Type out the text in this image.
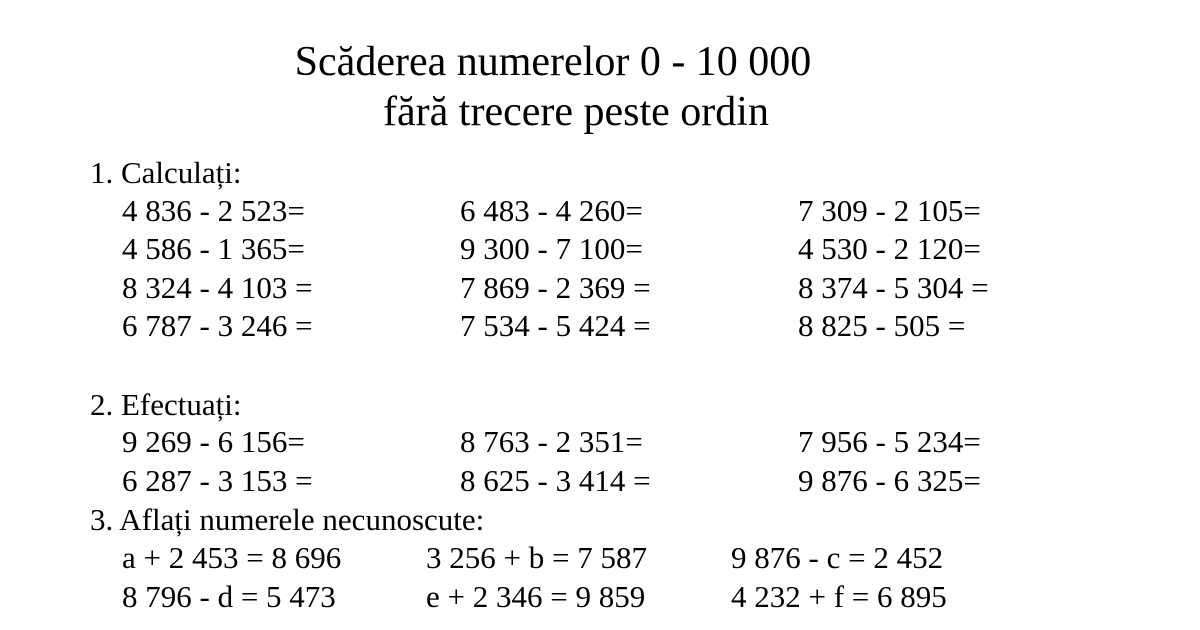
Scăderea numerelor 0 - 10 000
fără trecere peste ordin
1. Calculați:
4 836 - 2 523=	6 483 - 4 260=	7 309 - 2 105=
4 586 - 1 365=	9 300 - 7 100=	4 530 - 2 120=
8 324 - 4 103 =	7 869 - 2 369 =	8 374 - 5 304 =
6 787 - 3 246 =	7 534 - 5 424 =	8 825 - 505 =
2. Efectuați:
9 269 - 6 156=	8 763 - 2 351=	7 956 - 5 234=
6 287 - 3 153 =	8 625 - 3 414 =	9 876 - 6 325=
3. Aflați numerele necunoscute:
a + 2 453 = 8 696	3 256 + b = 7 587	9 876 - c = 2 452
8 796 - d = 5 473	e + 2 346 = 9 859	4 232 + f = 6 895
